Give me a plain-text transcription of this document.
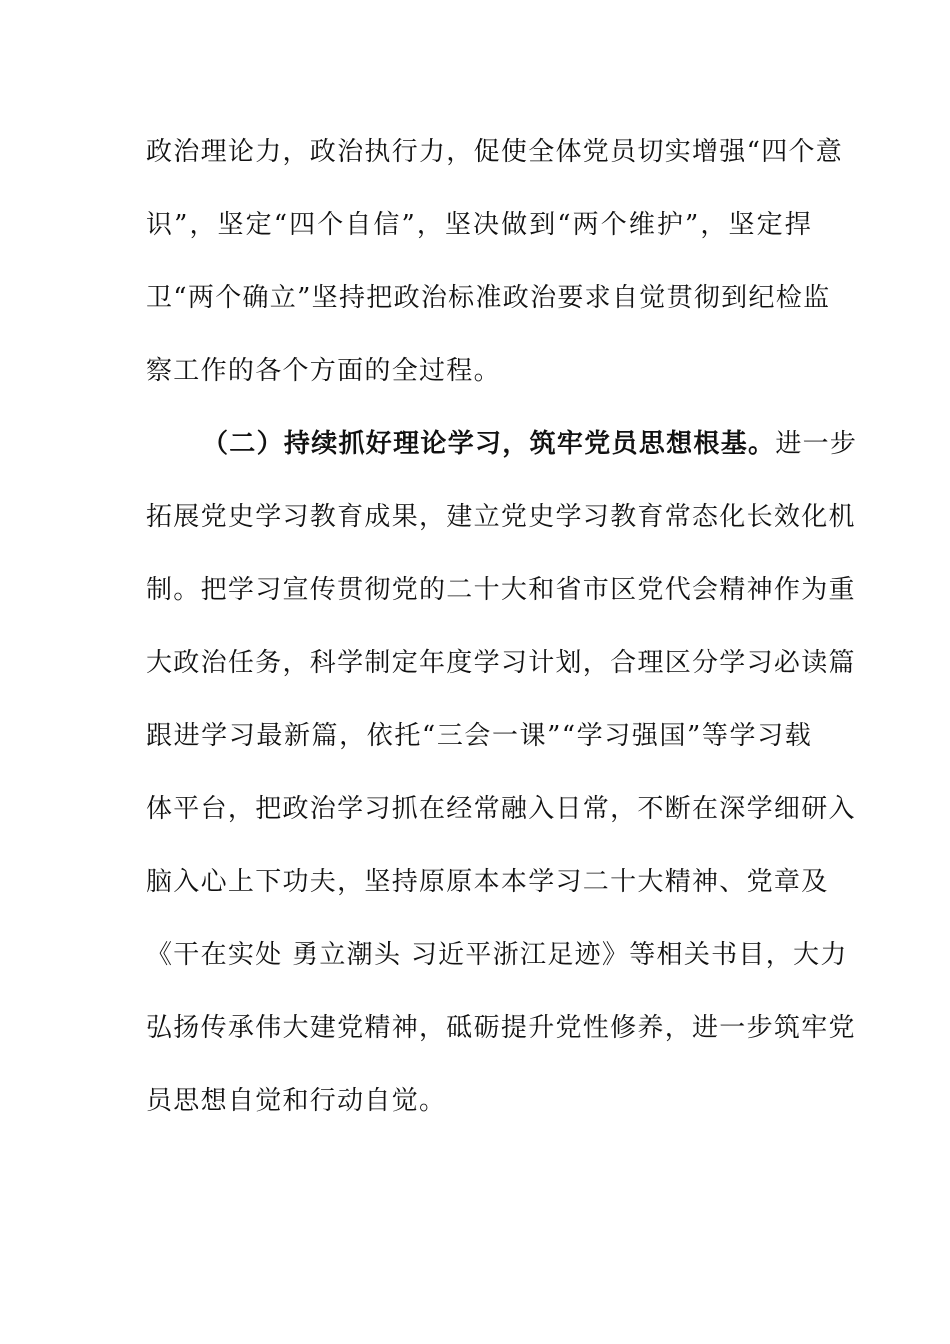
政治理论力，政治执行力，促使全体党员切实增强“四个意
识”，坚定“四个自信”，坚决做到“两个维护”，坚定捍
卫“两个确立”坚持把政治标准政治要求自觉贯彻到纪检监
察工作的各个方面的全过程。
（二）持续抓好理论学习，筑牢党员思想根基。进一步
拓展党史学习教育成果，建立党史学习教育常态化长效化机
制。把学习宣传贯彻党的二十大和省市区党代会精神作为重
大政治任务，科学制定年度学习计划，合理区分学习必读篇
跟进学习最新篇，依托“三会一课”“学习强国”等学习载
体平台，把政治学习抓在经常融入日常，不断在深学细研入
脑入心上下功夫，坚持原原本本学习二十大精神、党章及
《干在实处 勇立潮头 习近平浙江足迹》等相关书目，大力
弘扬传承伟大建党精神，砥砺提升党性修养，进一步筑牢党
员思想自觉和行动自觉。
